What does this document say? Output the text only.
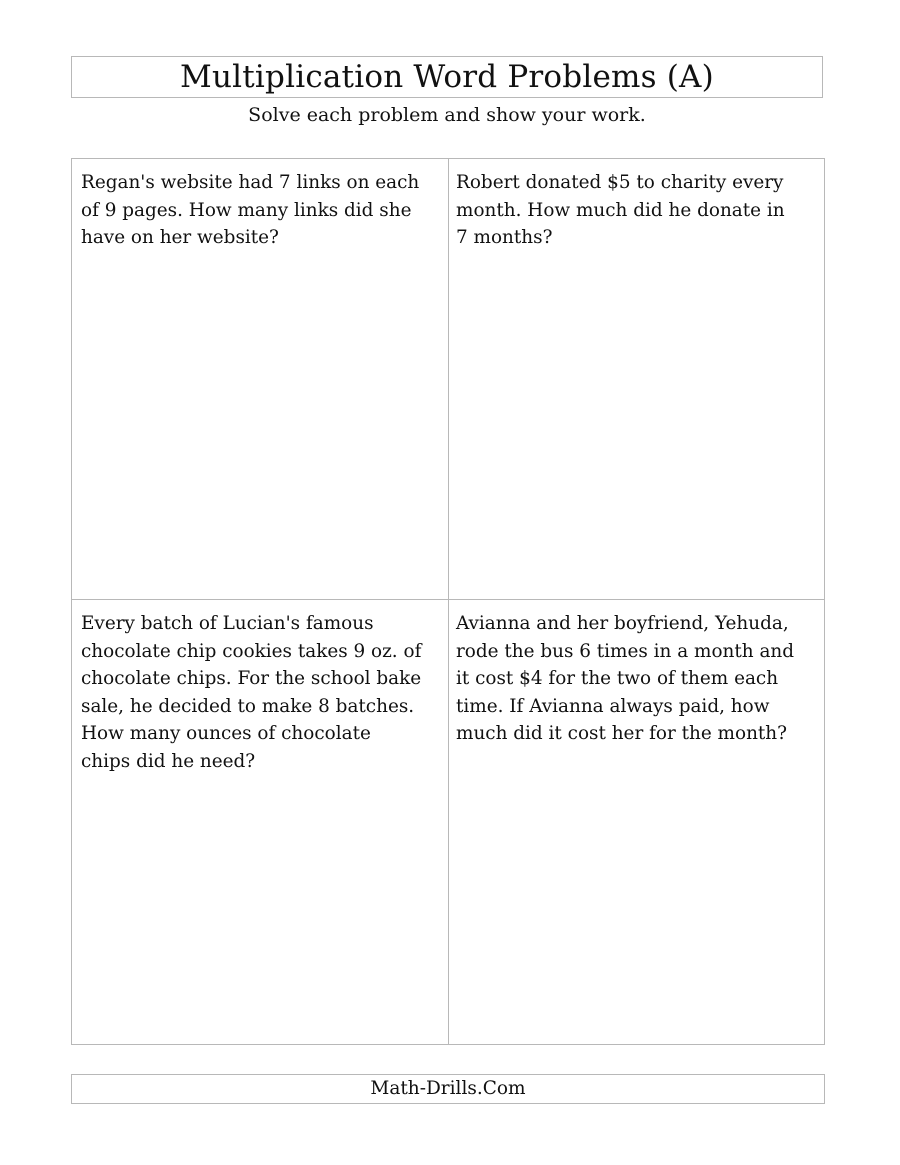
Multiplication Word Problems (A)
Solve each problem and show your work.

Regan's website had 7 links on each

of 9 pages. How many links did she

have on her website?

Robert donated $5 to charity every

month. How much did he donate in

7 months?

Every batch of Lucian's famous

chocolate chip cookies takes 9 oz. of

chocolate chips. For the school bake

sale, he decided to make 8 batches.

How many ounces of chocolate

chips did he need?

Avianna and her boyfriend, Yehuda,

rode the bus 6 times in a month and

it cost $4 for the two of them each

time. If Avianna always paid, how

much did it cost her for the month?

Math-Drills.Com
